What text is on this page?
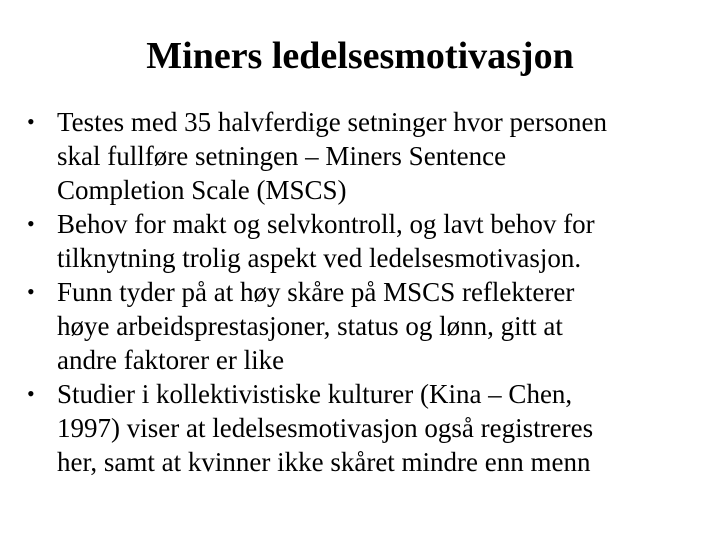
Miners ledelsesmotivasjon
• Testes med 35 halvferdige setninger hvor personen
skal fullføre setningen – Miners Sentence
Completion Scale (MSCS)
• Behov for makt og selvkontroll, og lavt behov for
tilknytning trolig aspekt ved ledelsesmotivasjon.
• Funn tyder på at høy skåre på MSCS reflekterer
høye arbeidsprestasjoner, status og lønn, gitt at
andre faktorer er like
• Studier i kollektivistiske kulturer (Kina – Chen,
1997) viser at ledelsesmotivasjon også registreres
her, samt at kvinner ikke skåret mindre enn menn
